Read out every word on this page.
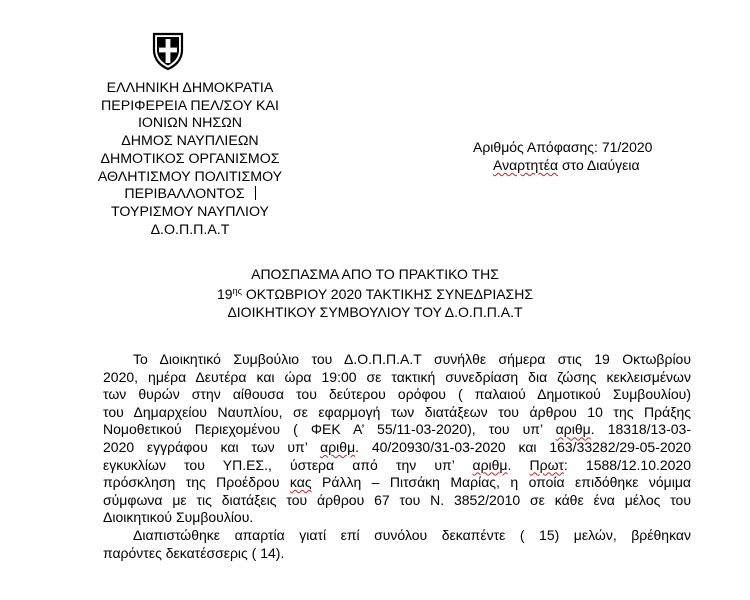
ΕΛΛΗΝΙΚΗ ΔΗΜΟΚΡΑΤΙΑ
ΠΕΡΙΦΕΡΕΙΑ ΠΕΛ/ΣΟΥ ΚΑΙ
ΙΟΝΙΩΝ ΝΗΣΩΝ
ΔΗΜΟΣ ΝΑΥΠΛΙΕΩΝ
ΔΗΜΟΤΙΚΟΣ ΟΡΓΑΝΙΣΜΟΣ
ΑΘΛΗΤΙΣΜΟΥ ΠΟΛΙΤΙΣΜΟΥ
ΠΕΡΙΒΑΛΛΟΝΤΟΣ
ΤΟΥΡΙΣΜΟΥ ΝΑΥΠΛΙΟΥ
Δ.Ο.Π.Π.Α.Τ
Αριθμός Απόφασης: 71/2020
Αναρτητέα στο Διαύγεια
ΑΠΟΣΠΑΣΜΑ ΑΠΟ ΤΟ ΠΡΑΚΤΙΚΟ ΤΗΣ
$19^{\eta\varsigma}$ ΟΚΤΩΒΡΙΟΥ 2020 ΤΑΚΤΙΚΗΣ ΣΥΝΕΔΡΙΑΣΗΣ
ΔΙΟΙΚΗΤΙΚΟΥ ΣΥΜΒΟΥΛΙΟΥ ΤΟΥ Δ.Ο.Π.Π.Α.Τ
Το Διοικητικό Συμβούλιο του Δ.Ο.Π.Π.Α.Τ συνήλθε σήμερα στις 19 Οκτωβρίου
2020, ημέρα Δευτέρα και ώρα 19:00 σε τακτική συνεδρίαση δια ζώσης κεκλεισμένων
των θυρών στην αίθουσα του δεύτερου ορόφου ( παλαιού Δημοτικού Συμβουλίου)
του Δημαρχείου Ναυπλίου, σε εφαρμογή των διατάξεων του άρθρου 10 της Πράξης
Νομοθετικού Περιεχομένου ( ΦΕΚ Α’ 55/11-03-2020), του υπ’ αριθμ. 18318/13-03-
2020 εγγράφου και των υπ’ αριθμ. 40/20930/31-03-2020 και 163/33282/29-05-2020
εγκυκλίων του ΥΠ.ΕΣ., ύστερα από την υπ’ αριθμ. Πρωτ: 1588/12.10.2020
πρόσκληση της Προέδρου κας Ράλλη – Πιτσάκη Μαρίας, η οποία επιδόθηκε νόμιμα
σύμφωνα με τις διατάξεις του άρθρου 67 του Ν. 3852/2010 σε κάθε ένα μέλος του
Διοικητικού Συμβουλίου.
Διαπιστώθηκε απαρτία γιατί επί συνόλου δεκαπέντε ( 15) μελών, βρέθηκαν
παρόντες δεκατέσσερις ( 14).
